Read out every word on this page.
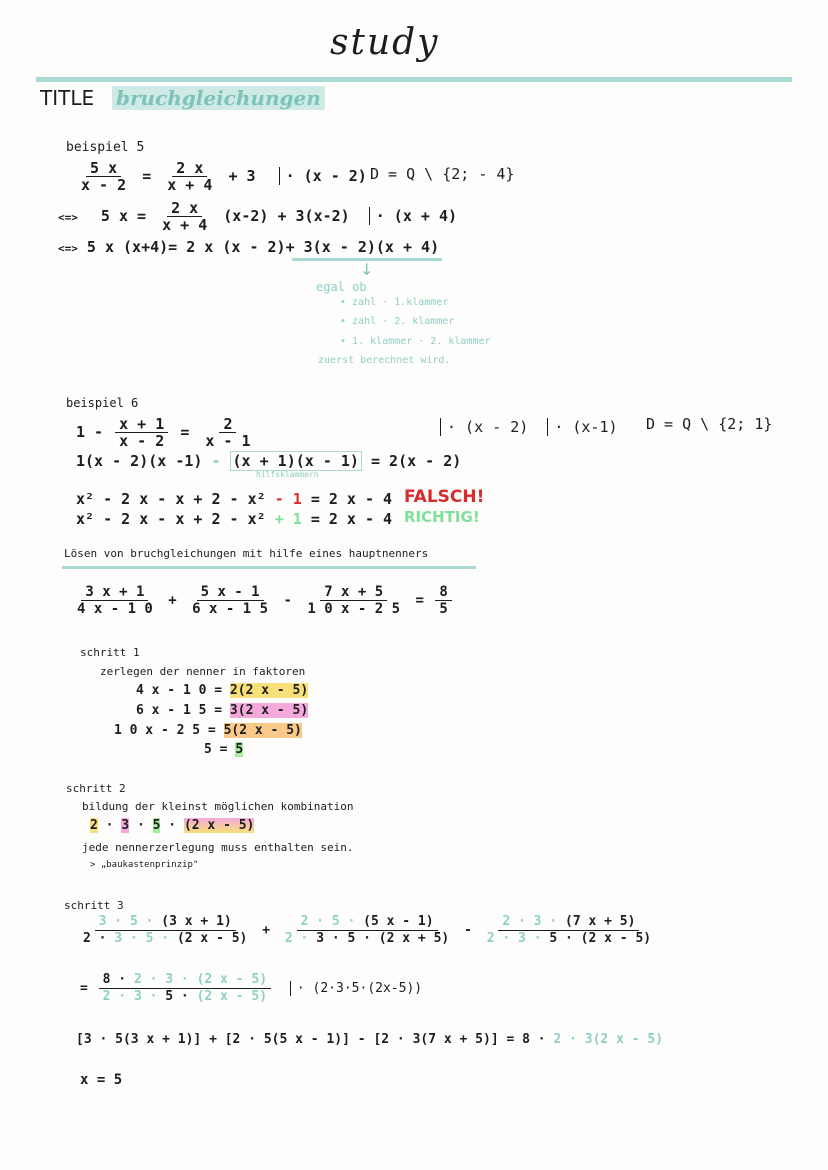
study
TITLE bruchgleichungen
beispiel 5
$\frac{5 x}{x - 2} = \frac{2 x}{x + 4} + 3 \cdot (x - 2) D = Q$ \ {2; - 4}
<=> 5 $x = \frac{2 x}{x + 4} (x-2) + 3(x-2) \cdot (x + 4)$
<=> 5 x (x+4)= 2 x (x - 2)+ 3(x - 2)(x + 4)
↓
egal ob
• zahl · 1.klammer
• zahl · 2. klammer
• 1. klammer · 2. klammer
zuerst berechnet wird.
beispiel 6
$1 - \frac{x + 1}{x - 2} = \frac{2}{x - 1}$	· (x - 2) · (x-1) D = Q \ {2; 1}
1(x - 2)(x -1) - (x + 1)(x - 1) = 2(x - 2)
hilfsklammern
x² - 2 x - x + 2 - x² - 1 = 2 x - 4 FALSCH!
x² - 2 x - x + 2 - x² + 1 = 2 x - 4 RICHTIG!
Lösen von bruchgleichungen mit hilfe eines hauptnenners
$\frac{3 x + 1}{4 x - 1 0} + \frac{5 x - 1}{6 x - 1 5} - \frac{7 x + 5}{1 0 x - 2 5} = \frac{8}{5}$
schritt 1
zerlegen der nenner in faktoren
4 x - 1 0 = 2(2 x - 5)
6 x - 1 5 = 3(2 x - 5)
1 0 x - 2 5 = 5(2 x - 5)
5 = 5
schritt 2
bildung der kleinst möglichen kombination
2 · 3 · 5 · (2 x - 5)
jede nennerzerlegung muss enthalten sein.
> „baukastenprinzip"
schritt 3
$\frac{3 \cdot 5 \cdot (3 x + 1)}{2 \cdot 3 \cdot 5 \cdot (2 x - 5)} + \frac{2 \cdot 5 \cdot (5 x - 1)}{2 \cdot 3 \cdot 5 \cdot (2 x + 5)} - \frac{2 \cdot 3 \cdot (7 x + 5)}{2 \cdot 3 \cdot 5 \cdot (2 x - 5)}$
= $\frac{8 \cdot 2 \cdot 3 \cdot (2 x - 5)}{2 \cdot 3 \cdot 5 \cdot (2 x - 5)} \cdot (2\cdot 3\cdot 5\cdot(2x-5))$
[3 · 5(3 x + 1)] + [2 · 5(5 x - 1)] - [2 · 3(7 x + 5)] = 8 · 2 · 3(2 x - 5)
x = 5
